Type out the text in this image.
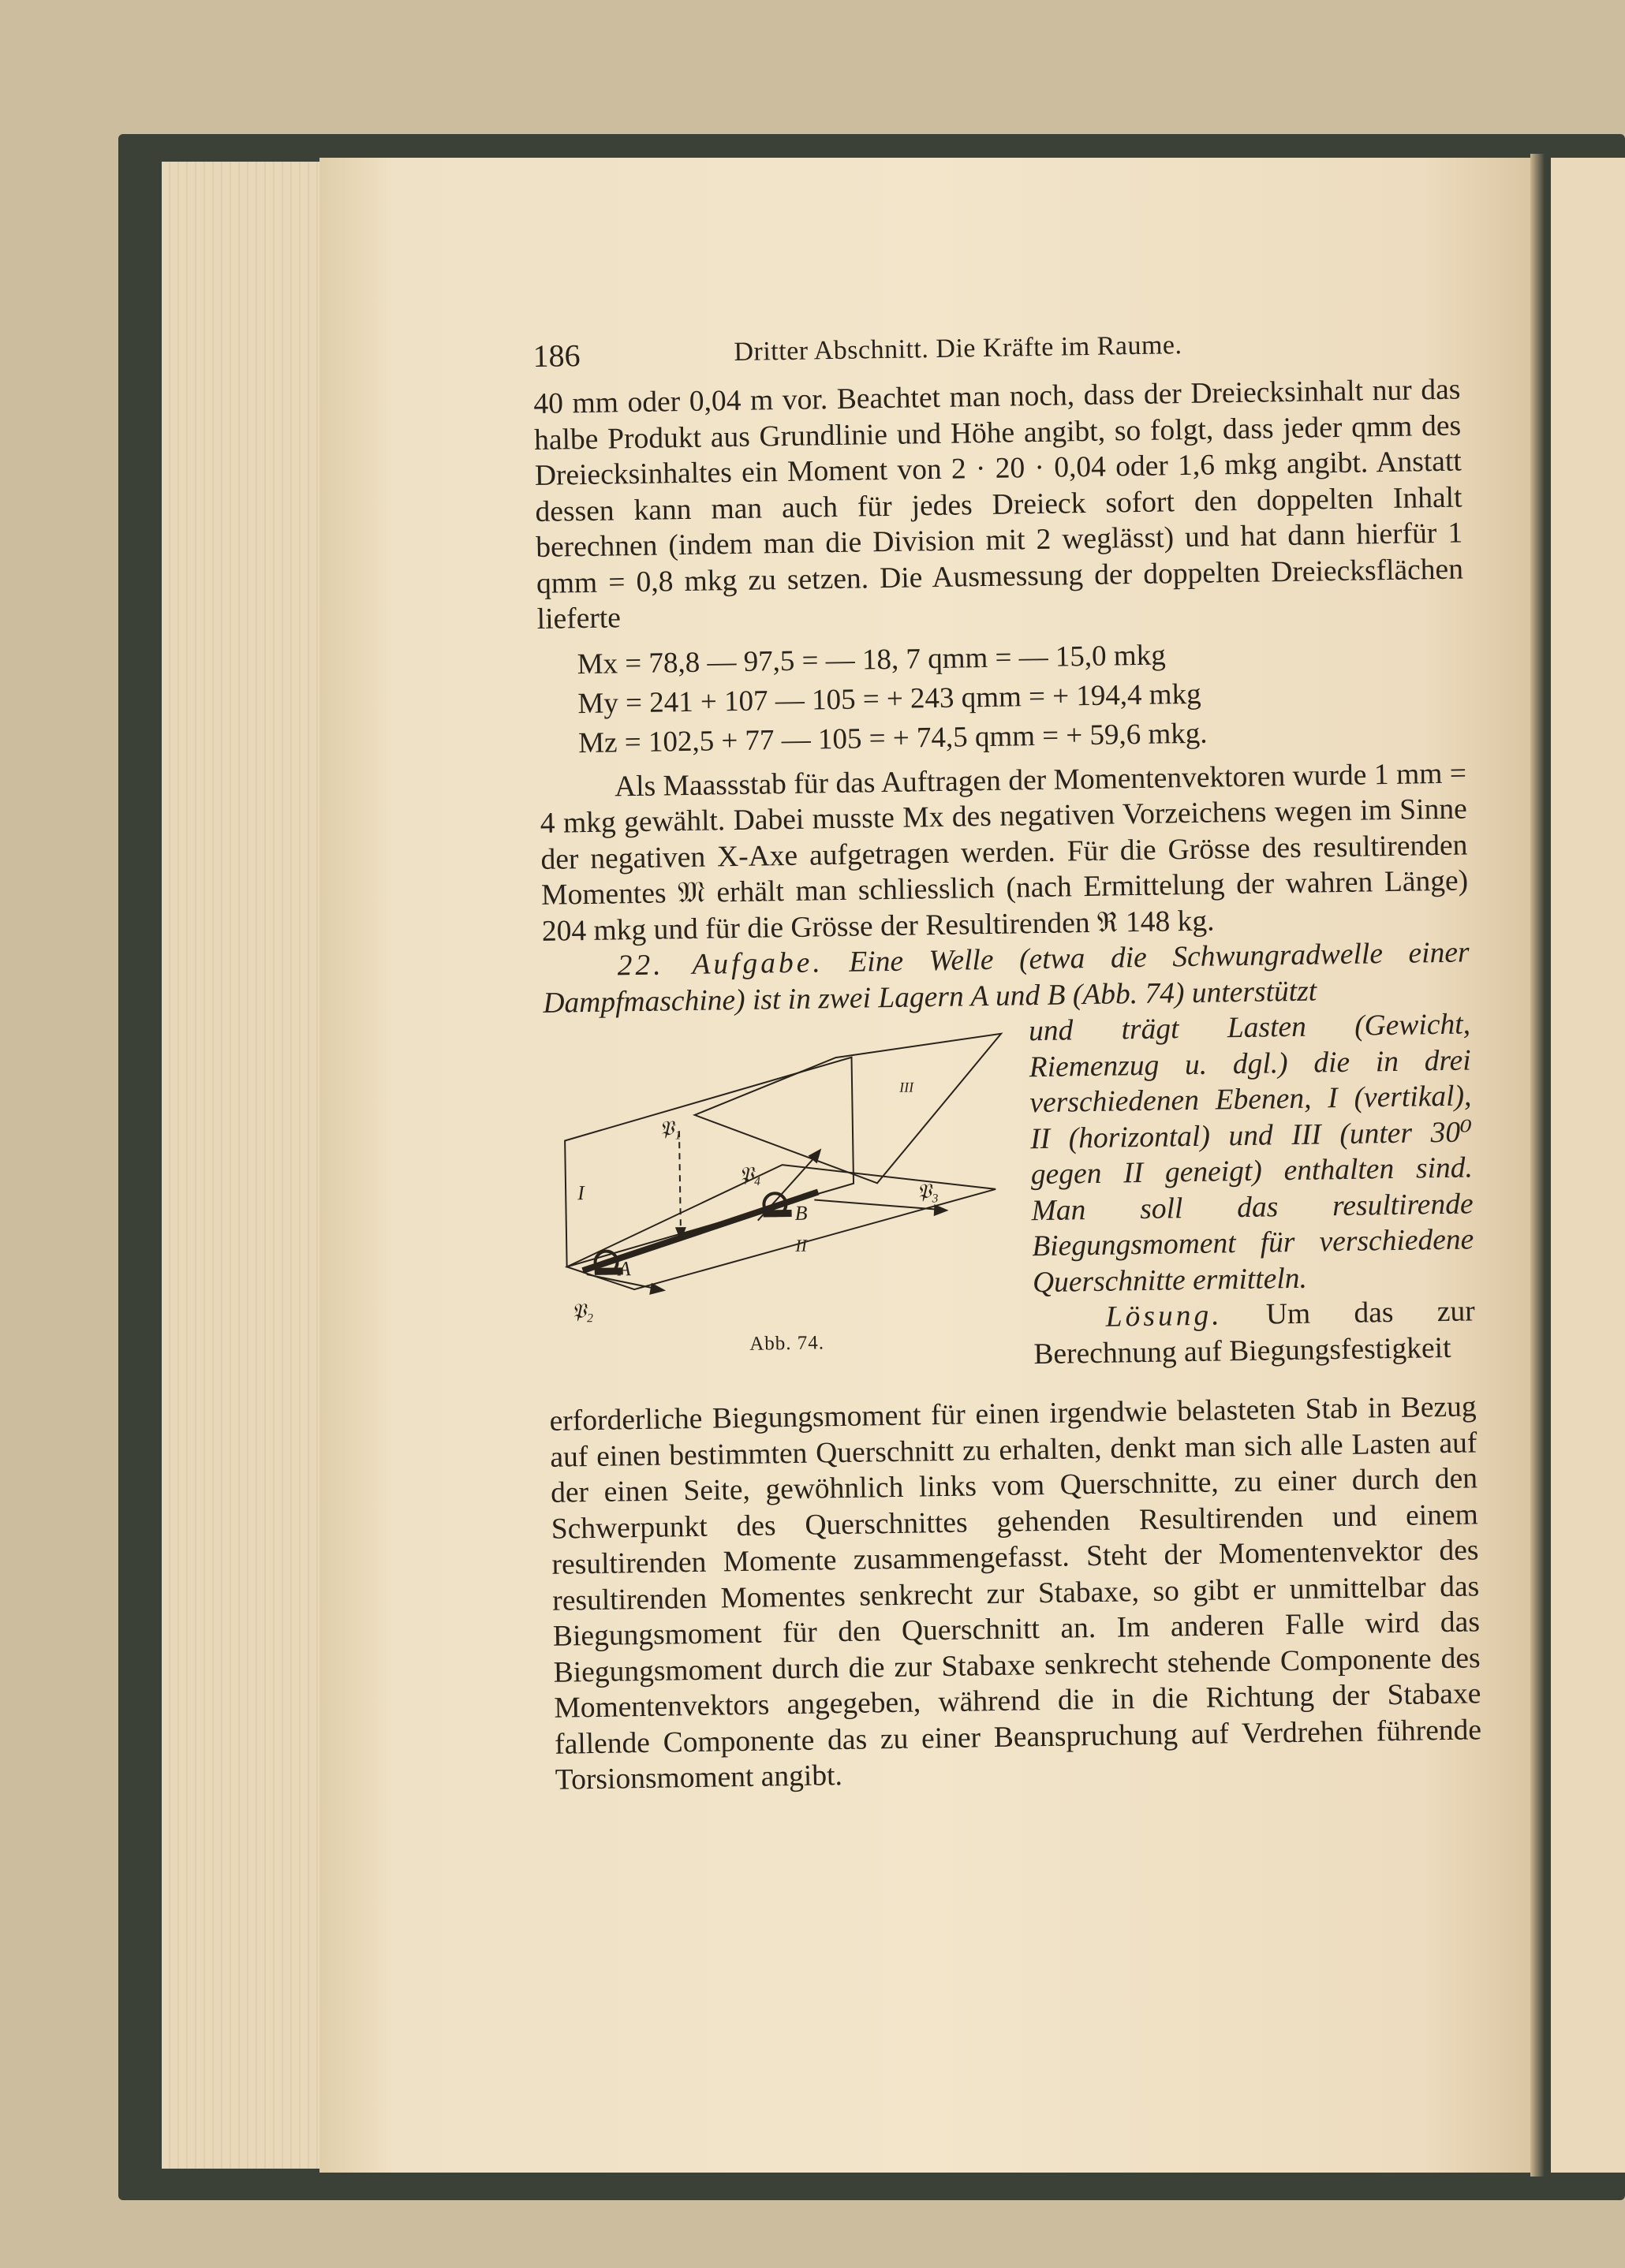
186	Dritter Abschnitt. Die Kräfte im Raume.

40 mm oder 0,04 m vor. Beachtet man noch, dass der Dreiecksinhalt nur das halbe Produkt aus Grundlinie und Höhe angibt, so folgt, dass jeder qmm des Dreiecksinhaltes ein Moment von 2 · 20 · 0,04 oder 1,6 mkg angibt. Anstatt dessen kann man auch für jedes Dreieck sofort den doppelten Inhalt berechnen (indem man die Division mit 2 weglässt) und hat dann hierfür 1 qmm = 0,8 mkg zu setzen. Die Ausmessung der doppelten Dreiecksflächen lieferte

Mx = 78,8 — 97,5 = — 18, 7 qmm = — 15,0 mkg
My = 241 + 107 — 105 = + 243 qmm = + 194,4 mkg
Mz = 102,5 + 77 — 105 = + 74,5 qmm = + 59,6 mkg.

Als Maassstab für das Auftragen der Momentenvektoren wurde 1 mm = 4 mkg gewählt. Dabei musste Mx des negativen Vorzeichens wegen im Sinne der negativen X-Axe aufgetragen werden. Für die Grösse des resultirenden Momentes 𝔐 erhält man schliesslich (nach Ermittelung der wahren Länge) 204 mkg und für die Grösse der Resultirenden ℜ 148 kg.

22. Aufgabe. Eine Welle (etwa die Schwungradwelle einer Dampfmaschine) ist in zwei Lagern A und B (Abb. 74) unterstützt

I
II
III
A
B
𝔓₁
𝔓₂
𝔓₃
𝔓₄
Abb. 74.

und trägt Lasten (Gewicht, Riemenzug u. dgl.) die in drei verschiedenen Ebenen, I (vertikal), II (horizontal) und III (unter 30⁰ gegen II geneigt) enthalten sind. Man soll das resultirende Biegungsmoment für verschiedene Querschnitte ermitteln.

Lösung. Um das zur Berechnung auf Biegungsfestigkeit

erforderliche Biegungsmoment für einen irgendwie belasteten Stab in Bezug auf einen bestimmten Querschnitt zu erhalten, denkt man sich alle Lasten auf der einen Seite, gewöhnlich links vom Querschnitte, zu einer durch den Schwerpunkt des Querschnittes gehenden Resultirenden und einem resultirenden Momente zusammengefasst. Steht der Momentenvektor des resultirenden Momentes senkrecht zur Stabaxe, so gibt er unmittelbar das Biegungsmoment für den Querschnitt an. Im anderen Falle wird das Biegungsmoment durch die zur Stabaxe senkrecht stehende Componente des Momentenvektors angegeben, während die in die Richtung der Stabaxe fallende Componente das zu einer Beanspruchung auf Verdrehen führende Torsionsmoment angibt.
